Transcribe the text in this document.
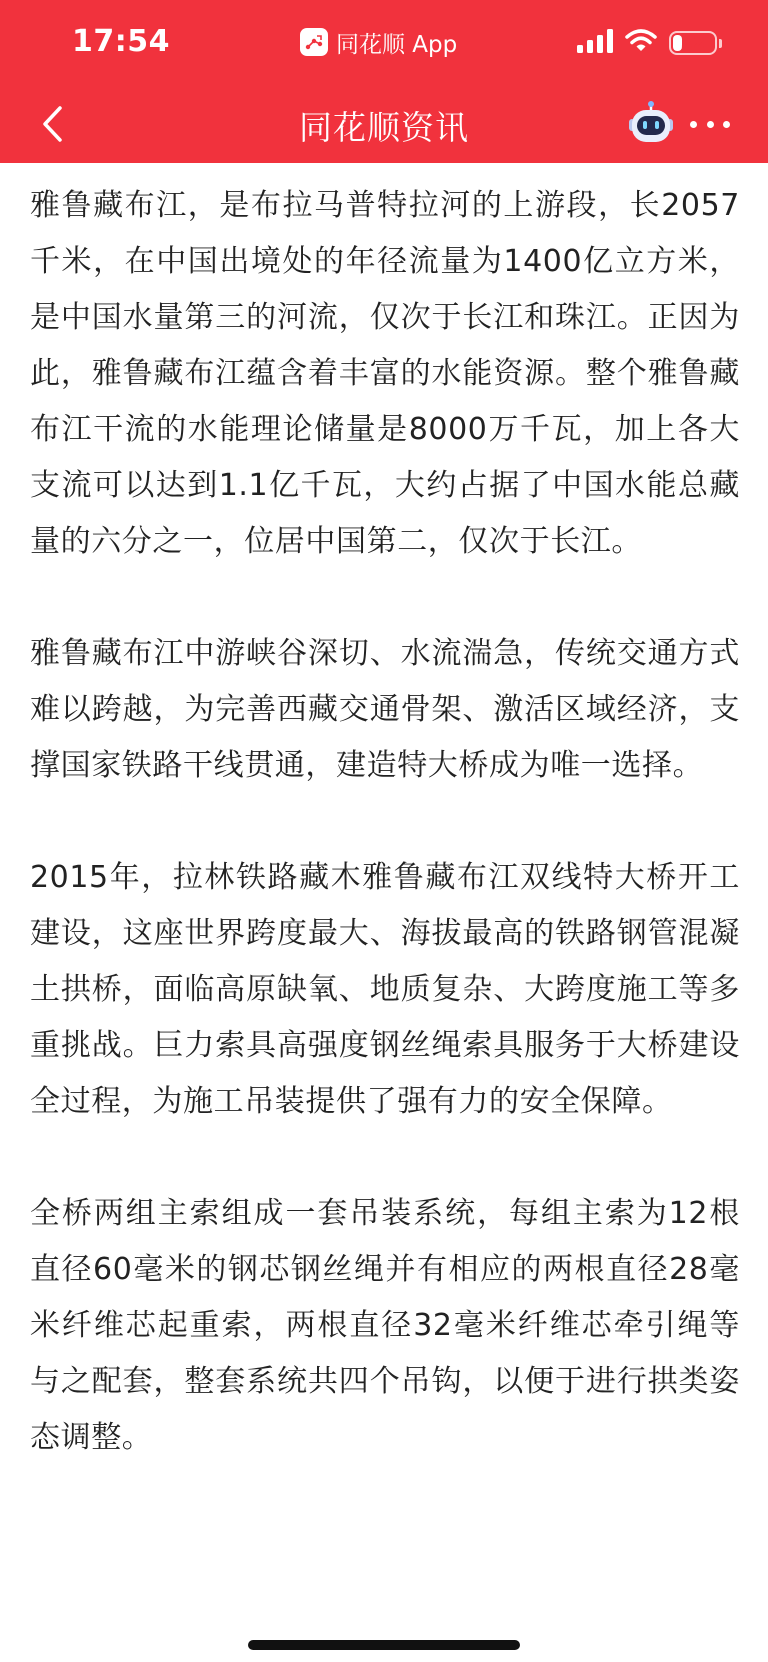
17:54	同花顺 App	22
同花顺资讯

雅鲁藏布江，是布拉马普特拉河的上游段，长2057千米，在中国出境处的年径流量为1400亿立方米，是中国水量第三的河流，仅次于长江和珠江。正因为此，雅鲁藏布江蕴含着丰富的水能资源。整个雅鲁藏布江干流的水能理论储量是8000万千瓦，加上各大支流可以达到1.1亿千瓦，大约占据了中国水能总藏量的六分之一，位居中国第二，仅次于长江。

雅鲁藏布江中游峡谷深切、水流湍急，传统交通方式难以跨越，为完善西藏交通骨架、激活区域经济，支撑国家铁路干线贯通，建造特大桥成为唯一选择。

2015年，拉林铁路藏木雅鲁藏布江双线特大桥开工建设，这座世界跨度最大、海拔最高的铁路钢管混凝土拱桥，面临高原缺氧、地质复杂、大跨度施工等多重挑战。巨力索具高强度钢丝绳索具服务于大桥建设全过程，为施工吊装提供了强有力的安全保障。

全桥两组主索组成一套吊装系统，每组主索为12根直径60毫米的钢芯钢丝绳并有相应的两根直径28毫米纤维芯起重索，两根直径32毫米纤维芯牵引绳等与之配套，整套系统共四个吊钩，以便于进行拱类姿态调整。
